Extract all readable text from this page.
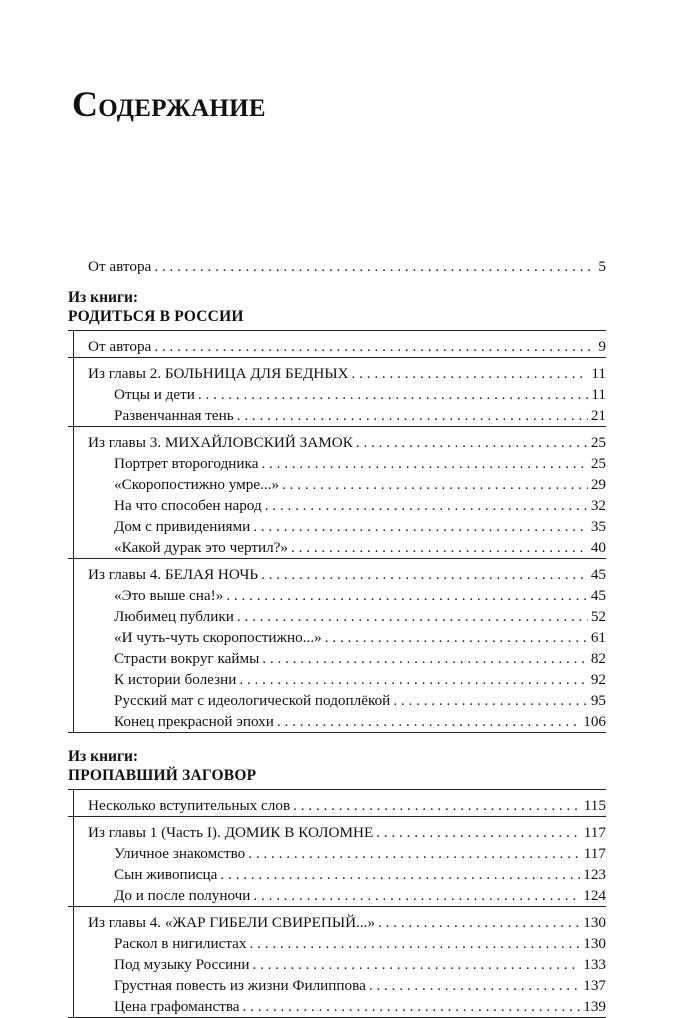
Содержание
От автора . . .	5
Из книги:
РОДИТЬСЯ В РОССИИ
От автора . . .	9
Из главы 2. БОЛЬНИЦА ДЛЯ БЕДНЫХ . . .	11
Отцы и дети . . .	11
Развенчанная тень . . .	21
Из главы 3. МИХАЙЛОВСКИЙ ЗАМОК . . .	25
Портрет второгодника . . .	25
«Скоропостижно умре...» . . .	29
На что способен народ . . .	32
Дом с привидениями . . .	35
«Какой дурак это чертил?» . . .	40
Из главы 4. БЕЛАЯ НОЧЬ . . .	45
«Это выше сна!» . . .	45
Любимец публики . . .	52
«И чуть-чуть скоропостижно...» . . .	61
Страсти вокруг каймы . . .	82
К истории болезни . . .	92
Русский мат с идеологической подоплёкой . . .	95
Конец прекрасной эпохи . . .	106
Из книги:
ПРОПАВШИЙ ЗАГОВОР
Несколько вступительных слов . . .	115
Из главы 1 (Часть I). ДОМИК В КОЛОМНЕ . . .	117
Уличное знакомство . . .	117
Сын живописца . . .	123
До и после полуночи . . .	124
Из главы 4. «ЖАР ГИБЕЛИ СВИРЕПЫЙ...» . . .	130
Раскол в нигилистах . . .	130
Под музыку Россини . . .	133
Грустная повесть из жизни Филиппова . . .	137
Цена графоманства . . .	139
